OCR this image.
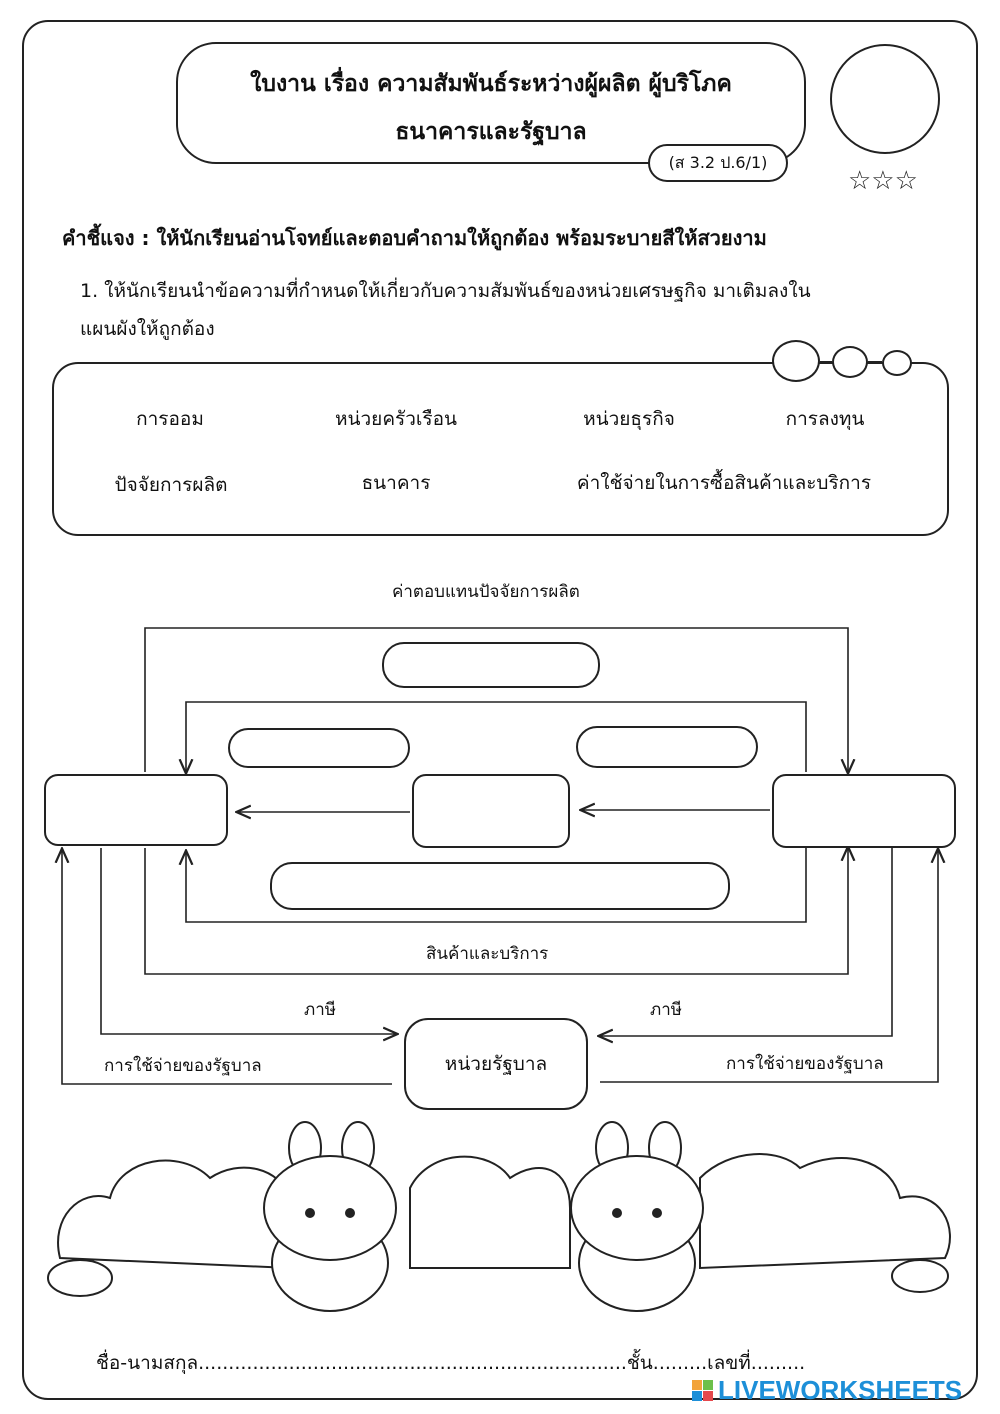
ใบงาน เรื่อง ความสัมพันธ์ระหว่างผู้ผลิต ผู้บริโภค
ธนาคารและรัฐบาล
(ส 3.2 ป.6/1)
☆☆☆
คำชี้แจง : ให้นักเรียนอ่านโจทย์และตอบคำถามให้ถูกต้อง พร้อมระบายสีให้สวยงาม
1. ให้นักเรียนนำข้อความที่กำหนดให้เกี่ยวกับความสัมพันธ์ของหน่วยเศรษฐกิจ มาเติมลงใน
แผนผังให้ถูกต้อง
การออม	หน่วยครัวเรือน	หน่วยธุรกิจ	การลงทุน
ปัจจัยการผลิต	ธนาคาร	ค่าใช้จ่ายในการซื้อสินค้าและบริการ
ค่าตอบแทนปัจจัยการผลิต
สินค้าและบริการ
ภาษี	ภาษี
การใช้จ่ายของรัฐบาล	การใช้จ่ายของรัฐบาล
หน่วยรัฐบาล
ชื่อ-นามสกุล.......................................................................ชั้น.........เลขที่.........
LIVEWORKSHEETS
